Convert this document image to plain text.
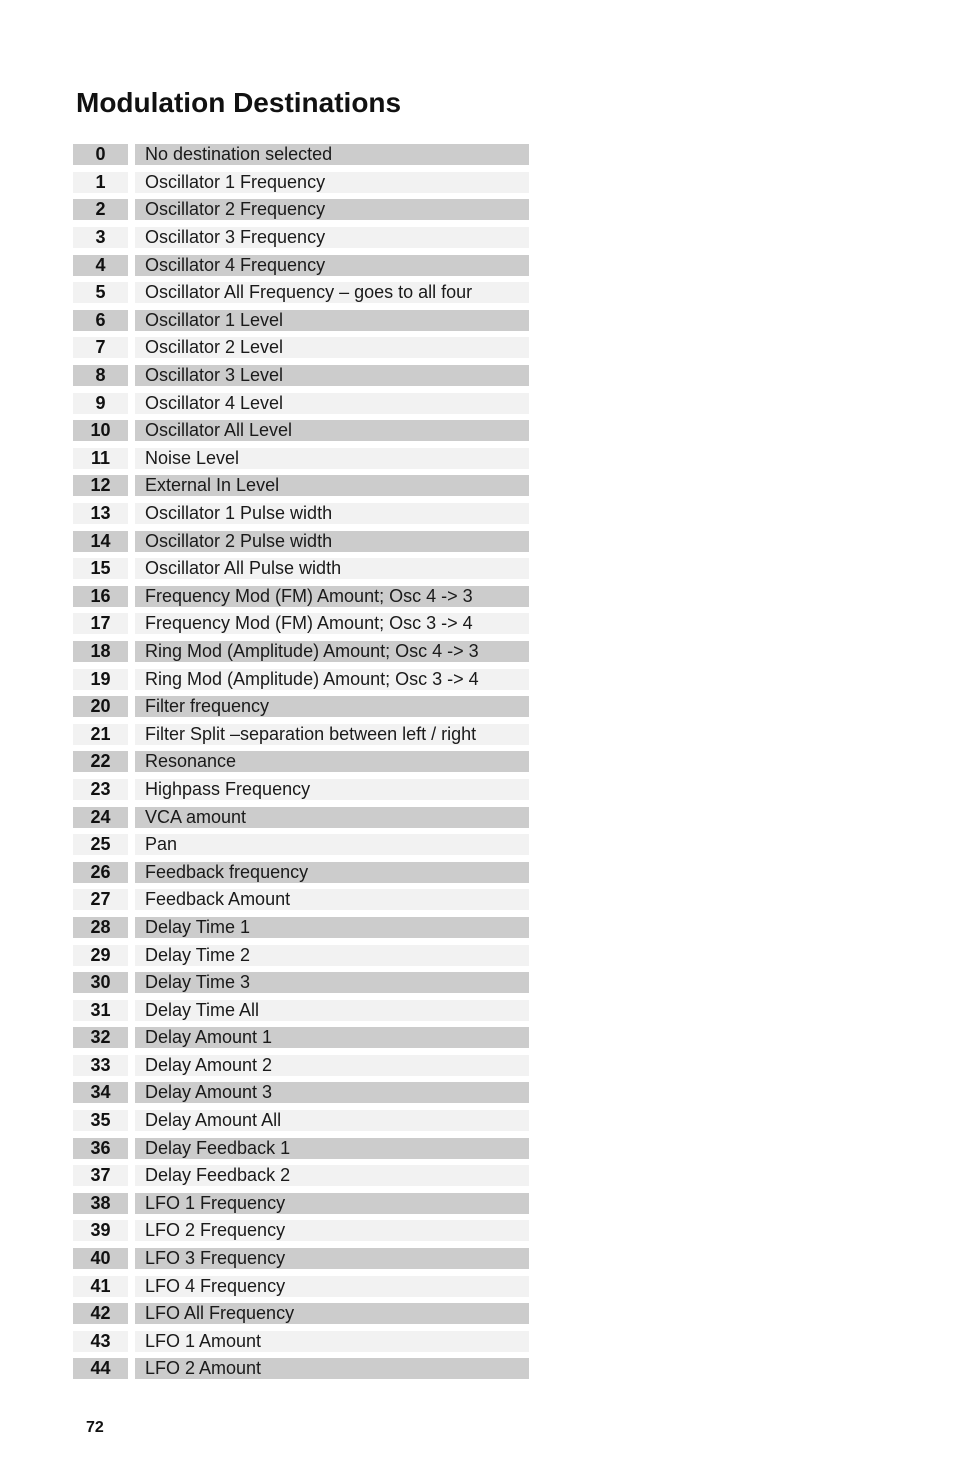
Modulation Destinations
0	No destination selected
1	Oscillator 1 Frequency
2	Oscillator 2 Frequency
3	Oscillator 3 Frequency
4	Oscillator 4 Frequency
5	Oscillator All Frequency – goes to all four
6	Oscillator 1 Level
7	Oscillator 2 Level
8	Oscillator 3 Level
9	Oscillator 4 Level
10	Oscillator All Level
11	Noise Level
12	External In Level
13	Oscillator 1 Pulse width
14	Oscillator 2 Pulse width
15	Oscillator All Pulse width
16	Frequency Mod (FM) Amount; Osc 4 -> 3
17	Frequency Mod (FM) Amount; Osc 3 -> 4
18	Ring Mod (Amplitude) Amount; Osc 4 -> 3
19	Ring Mod (Amplitude) Amount; Osc 3 -> 4
20	Filter frequency
21	Filter Split –separation between left / right
22	Resonance
23	Highpass Frequency
24	VCA amount
25	Pan
26	Feedback frequency
27	Feedback Amount
28	Delay Time 1
29	Delay Time 2
30	Delay Time 3
31	Delay Time All
32	Delay Amount 1
33	Delay Amount 2
34	Delay Amount 3
35	Delay Amount All
36	Delay Feedback 1
37	Delay Feedback 2
38	LFO 1 Frequency
39	LFO 2 Frequency
40	LFO 3 Frequency
41	LFO 4 Frequency
42	LFO All Frequency
43	LFO 1 Amount
44	LFO 2 Amount
72
